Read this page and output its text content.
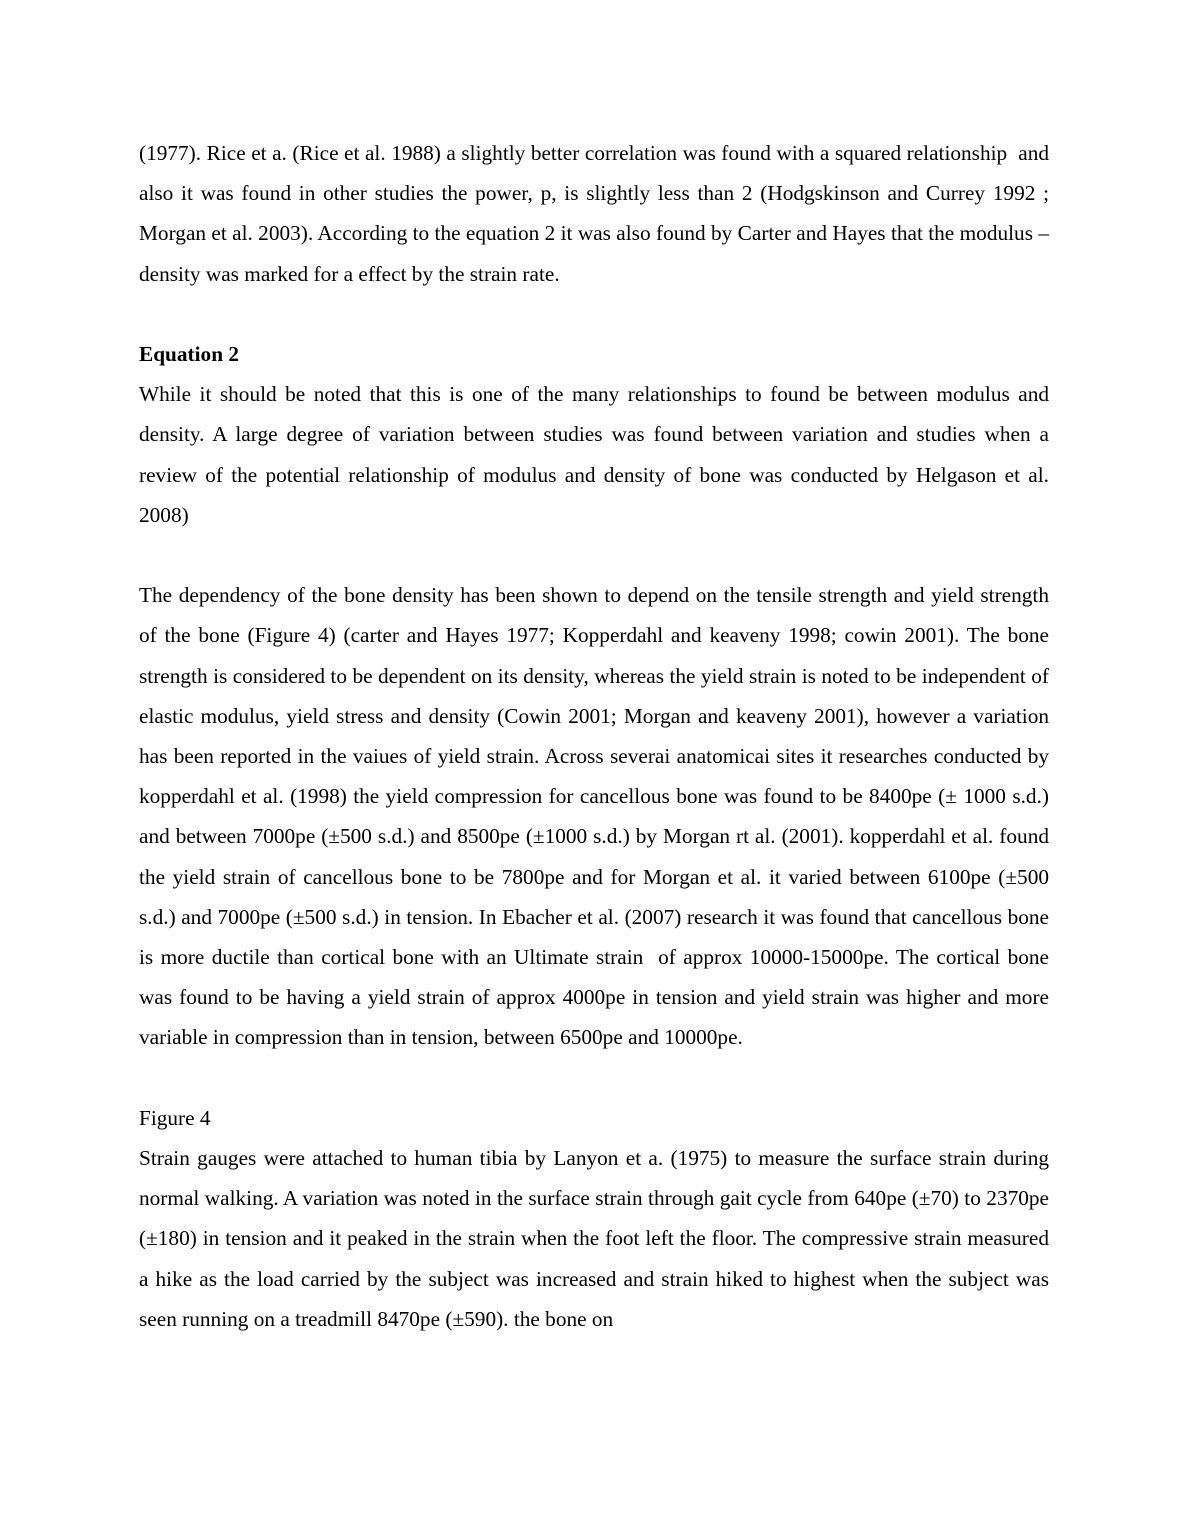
(1977). Rice et a. (Rice et al. 1988) a slightly better correlation was found with a squared relationship  and also it was found in other studies the power, p, is slightly less than 2 (Hodgskinson and Currey 1992 ; Morgan et al. 2003). According to the equation 2 it was also found by Carter and Hayes that the modulus – density was marked for a effect by the strain rate.

Equation 2

While it should be noted that this is one of the many relationships to found be between modulus and density. A large degree of variation between studies was found between variation and studies when a review of the potential relationship of modulus and density of bone was conducted by Helgason et al. 2008)

The dependency of the bone density has been shown to depend on the tensile strength and yield strength of the bone (Figure 4) (carter and Hayes 1977; Kopperdahl and keaveny 1998; cowin 2001). The bone strength is considered to be dependent on its density, whereas the yield strain is noted to be independent of elastic modulus, yield stress and density (Cowin 2001; Morgan and keaveny 2001), however a variation has been reported in the vaiues of yield strain. Across severai anatomicai sites it researches conducted by kopperdahl et al. (1998) the yield compression for cancellous bone was found to be 8400pe (± 1000 s.d.) and between 7000pe (±500 s.d.) and 8500pe (±1000 s.d.) by Morgan rt al. (2001). kopperdahl et al. found the yield strain of cancellous bone to be 7800pe and for Morgan et al. it varied between 6100pe (±500 s.d.) and 7000pe (±500 s.d.) in tension. In Ebacher et al. (2007) research it was found that cancellous bone is more ductile than cortical bone with an Ultimate strain  of approx 10000-15000pe. The cortical bone was found to be having a yield strain of approx 4000pe in tension and yield strain was higher and more variable in compression than in tension, between 6500pe and 10000pe.

Figure 4

Strain gauges were attached to human tibia by Lanyon et a. (1975) to measure the surface strain during normal walking. A variation was noted in the surface strain through gait cycle from 640pe (±70) to 2370pe (±180) in tension and it peaked in the strain when the foot left the floor. The compressive strain measured a hike as the load carried by the subject was increased and strain hiked to highest when the subject was seen running on a treadmill 8470pe (±590). the bone on
